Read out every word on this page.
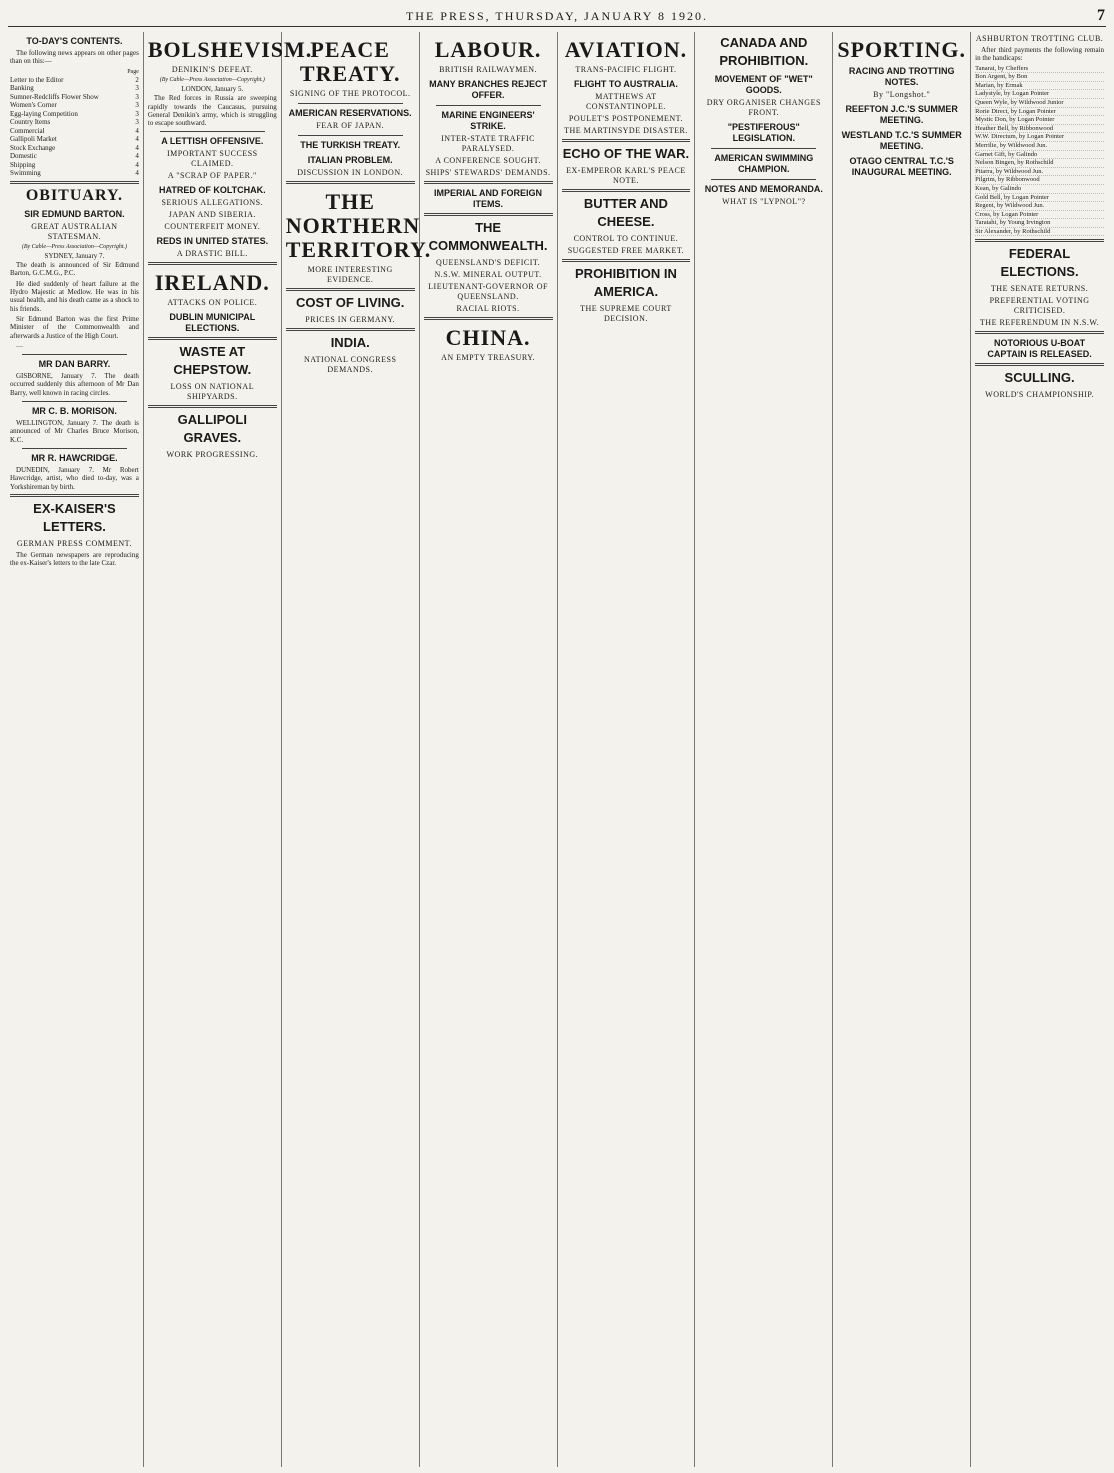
THE PRESS, THURSDAY, JANUARY 8 1920.	7
TO-DAY'S CONTENTS.

The following news appears on other pages than on this:—

Page
Letter to the Editor	2
Banking	3
Sumner-Redcliffs Flower Show	3
Women's Corner	3
Egg-laying Competition	3
Country Items	3
Commercial	4
Gallipoli Market	4
Stock Exchange	4
Domestic	4
Shipping	4
Swimming	4
OBITUARY.
SIR EDMUND BARTON.
GREAT AUSTRALIAN STATESMAN.
(By Cable—Press Association—Copyright.)
SYDNEY, January 7.

The death is announced of Sir Edmund Barton, G.C.M.G., P.C.

He died suddenly of heart failure at the Hydro Majestic at Medlow. He was in his usual health, and his death came as a shock to his friends.

Sir Edmund Barton was the first Prime Minister of the Commonwealth and afterwards a Justice of the High Court.

—

MR DAN BARRY.

GISBORNE, January 7. The death occurred suddenly this afternoon of Mr Dan Barry, well known in racing circles.

MR C. B. MORISON.

WELLINGTON, January 7. The death is announced of Mr Charles Bruce Morison, K.C.

MR R. HAWCRIDGE.

DUNEDIN, January 7. Mr Robert Hawcridge, artist, who died to-day, was a Yorkshireman by birth.

EX-KAISER'S LETTERS.
GERMAN PRESS COMMENT.

The German newspapers are reproducing the ex-Kaiser's letters to the late Czar.

BOLSHEVISM.
DENIKIN'S DEFEAT.
(By Cable—Press Association—Copyright.)
LONDON, January 5.

The Red forces in Russia are sweeping rapidly towards the Caucasus, pursuing General Denikin's army, which is struggling to escape southward.

A LETTISH OFFENSIVE.
IMPORTANT SUCCESS CLAIMED.
A "SCRAP OF PAPER."
HATRED OF KOLTCHAK.
SERIOUS ALLEGATIONS.
JAPAN AND SIBERIA.
COUNTERFEIT MONEY.
REDS IN UNITED STATES.
A DRASTIC BILL.
IRELAND.
ATTACKS ON POLICE.
DUBLIN MUNICIPAL ELECTIONS.
WASTE AT CHEPSTOW.
LOSS ON NATIONAL SHIPYARDS.
GALLIPOLI GRAVES.
WORK PROGRESSING.
PEACE TREATY.
SIGNING OF THE PROTOCOL.
AMERICAN RESERVATIONS.
FEAR OF JAPAN.
THE TURKISH TREATY.
ITALIAN PROBLEM.
DISCUSSION IN LONDON.
THE NORTHERN TERRITORY.
MORE INTERESTING EVIDENCE.
COST OF LIVING.
PRICES IN GERMANY.
INDIA.
NATIONAL CONGRESS DEMANDS.
LABOUR.
BRITISH RAILWAYMEN.
MANY BRANCHES REJECT OFFER.
MARINE ENGINEERS' STRIKE.
INTER-STATE TRAFFIC PARALYSED.
A CONFERENCE SOUGHT.
SHIPS' STEWARDS' DEMANDS.
IMPERIAL AND FOREIGN ITEMS.
THE COMMONWEALTH.
QUEENSLAND'S DEFICIT.
N.S.W. MINERAL OUTPUT.
LIEUTENANT-GOVERNOR OF QUEENSLAND.
RACIAL RIOTS.
CHINA.
AN EMPTY TREASURY.
AVIATION.
TRANS-PACIFIC FLIGHT.
FLIGHT TO AUSTRALIA.
MATTHEWS AT CONSTANTINOPLE.
POULET'S POSTPONEMENT.
THE MARTINSYDE DISASTER.
ECHO OF THE WAR.
EX-EMPEROR KARL'S PEACE NOTE.
BUTTER AND CHEESE.
CONTROL TO CONTINUE.
SUGGESTED FREE MARKET.
PROHIBITION IN AMERICA.
THE SUPREME COURT DECISION.
CANADA AND PROHIBITION.
MOVEMENT OF "WET" GOODS.
DRY ORGANISER CHANGES FRONT.
"PESTIFEROUS" LEGISLATION.
AMERICAN SWIMMING CHAMPION.
NOTES AND MEMORANDA.
WHAT IS "LYPNOL"?
SPORTING.
RACING AND TROTTING NOTES.
By "Longshot."
REEFTON J.C.'S SUMMER MEETING.
WESTLAND T.C.'S SUMMER MEETING.
OTAGO CENTRAL T.C.'S INAUGURAL MEETING.
ASHBURTON TROTTING CLUB.

After third payments the following remain in the handicaps:

Tanarai, by Cheffers
Bon Argent, by Bon
Marian, by Ermak
Ladystyle, by Logan Pointer
Queen Wyle, by Wildwood Junior
Rorie Direct, by Logan Pointer
Mystic Don, by Logan Pointer
Heather Bell, by Ribbonwood
W.W. Directum, by Logan Pointer
Merrilie, by Wildwood Jun.
Garnet Gift, by Galindo
Nelson Bingen, by Rothschild
Pitarra, by Wildwood Jun.
Pilgrim, by Ribbonwood
Kean, by Galindo
Gold Bell, by Logan Pointer
Regent, by Wildwood Jun.
Cross, by Logan Pointer
Taratahi, by Young Irvington
Sir Alexander, by Rothschild
FEDERAL ELECTIONS.
THE SENATE RETURNS.
PREFERENTIAL VOTING CRITICISED.
THE REFERENDUM IN N.S.W.
NOTORIOUS U-BOAT CAPTAIN IS RELEASED.
SCULLING.
WORLD'S CHAMPIONSHIP.
